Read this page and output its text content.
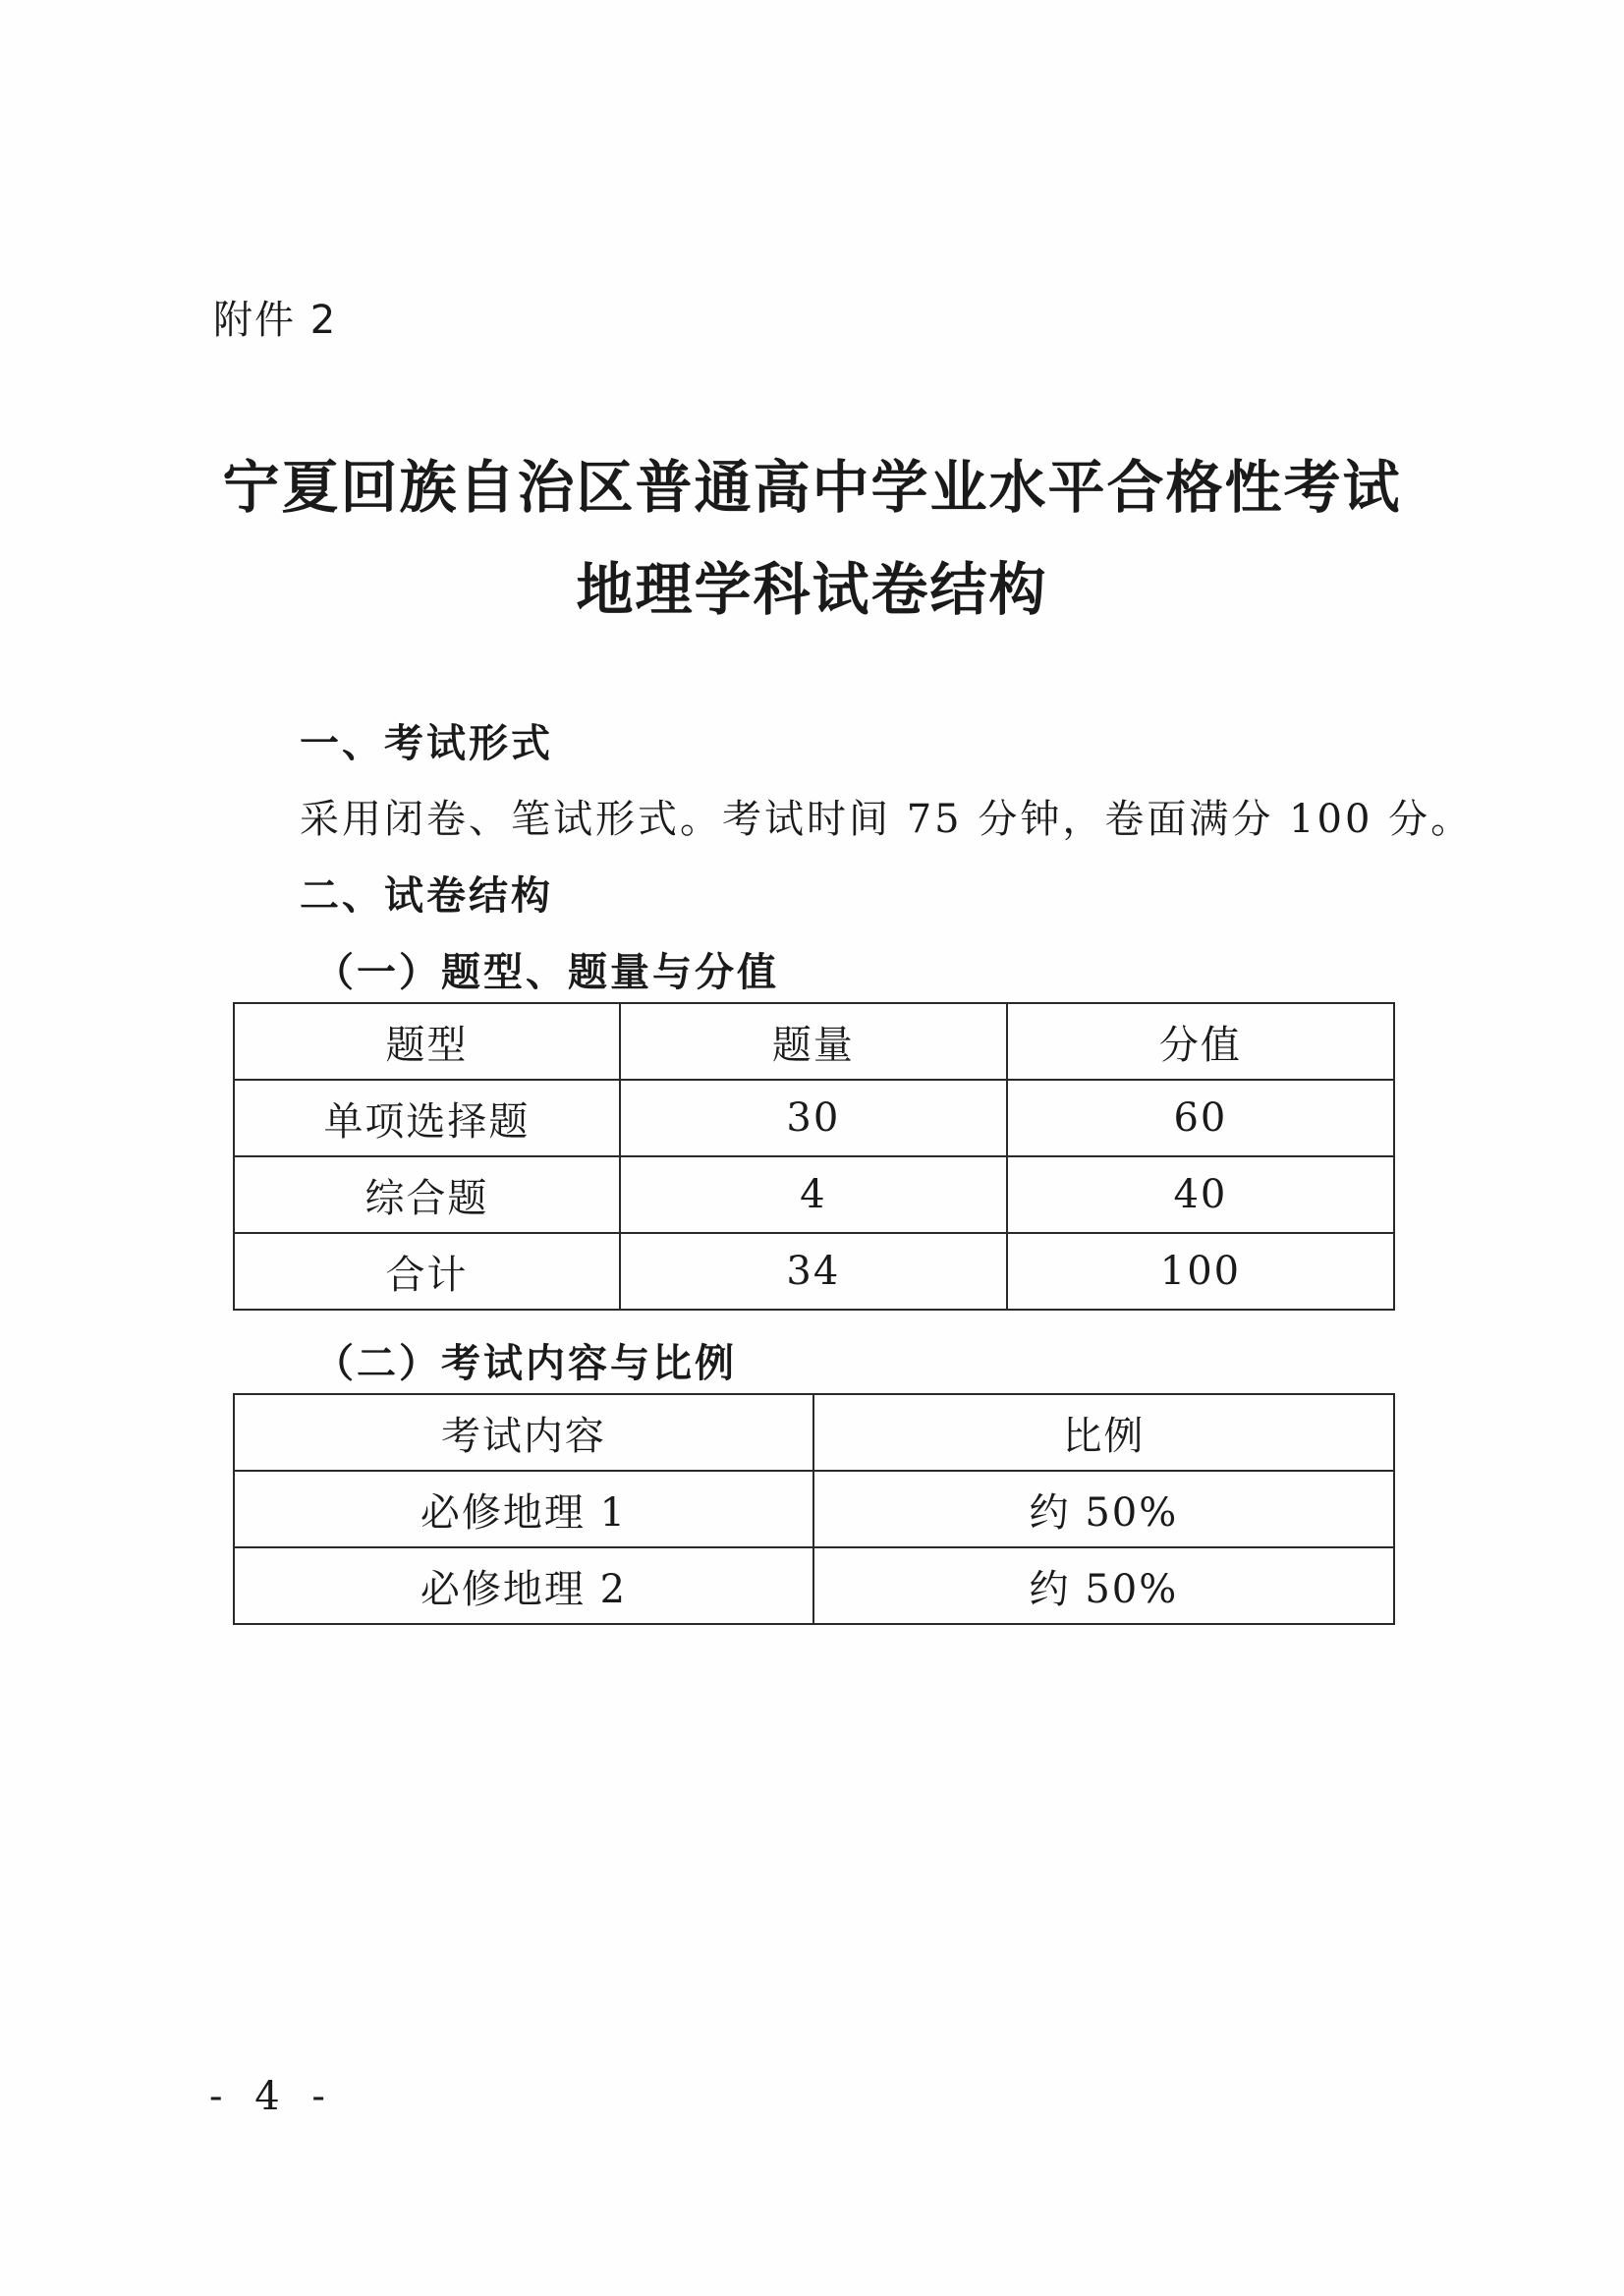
附件 2
宁夏回族自治区普通高中学业水平合格性考试
地理学科试卷结构
一、考试形式
采用闭卷、笔试形式。考试时间 75 分钟，卷面满分 100 分。
二、试卷结构
（一）题型、题量与分值
题型	题量	分值
单项选择题	30	60
综合题	4	40
合计	34	100
（二）考试内容与比例
考试内容	比例
必修地理 1	约 50%
必修地理 2	约 50%
- 4 -
